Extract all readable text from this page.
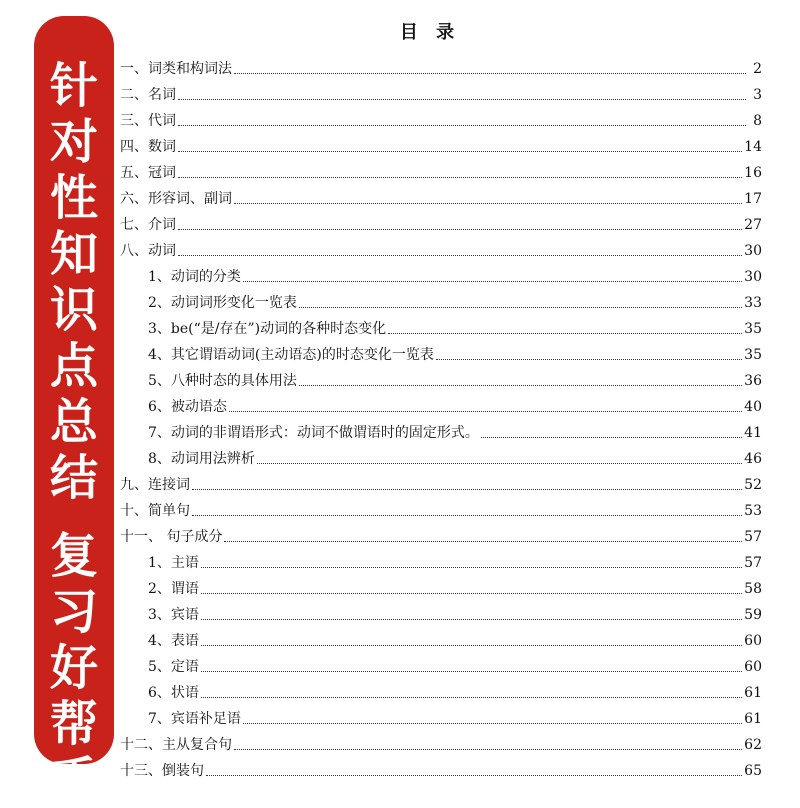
针
对
性
知
识
点
总
结
复
习
好
帮
手
目 录
一、词类和构词法	2
二、名词	3
三、代词	8
四、数词	14
五、冠词	16
六、形容词、副词	17
七、介词	27
八、动词	30
1、动词的分类	30
2、动词词形变化一览表	33
3、be(“是/存在”)动词的各种时态变化	35
4、其它谓语动词(主动语态)的时态变化一览表	35
5、八种时态的具体用法	36
6、被动语态	40
7、动词的非谓语形式：动词不做谓语时的固定形式。	41
8、动词用法辨析	46
九、连接词	52
十、简单句	53
十一、 句子成分	57
1、主语	57
2、谓语	58
3、宾语	59
4、表语	60
5、定语	60
6、状语	61
7、宾语补足语	61
十二、主从复合句	62
十三、倒装句	65
